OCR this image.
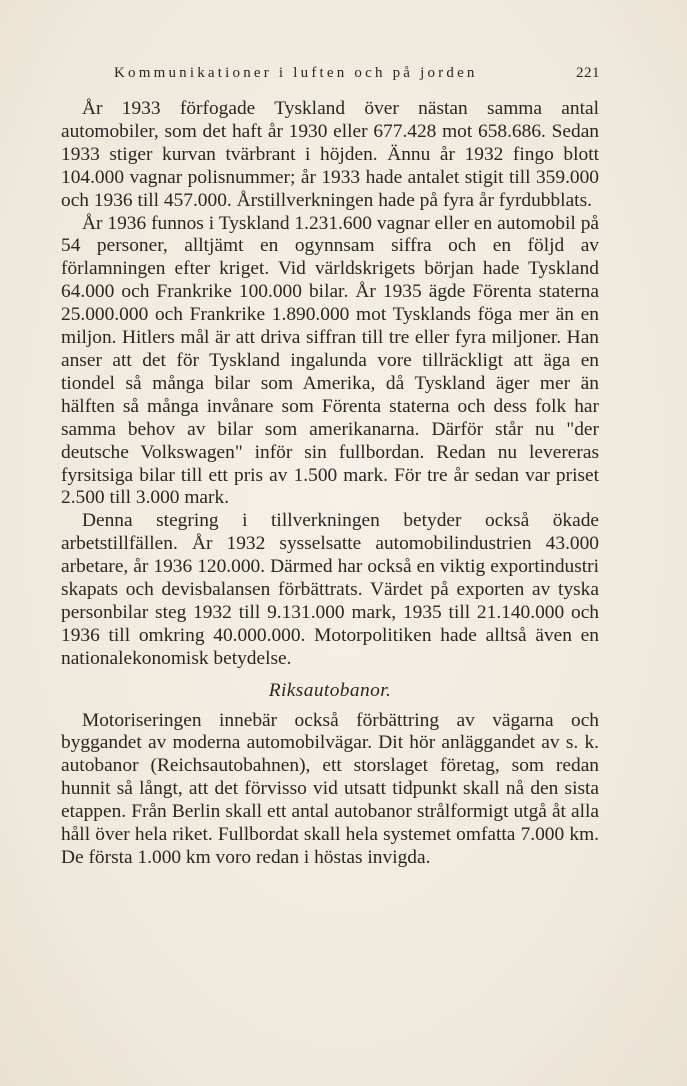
Kommunikationer i luften och på jorden	221

År 1933 förfogade Tyskland över nästan samma antal automobiler, som det haft år 1930 eller 677.428 mot 658.686. Sedan 1933 stiger kurvan tvärbrant i höjden. Ännu år 1932 fingo blott 104.000 vagnar polisnummer; år 1933 hade antalet stigit till 359.000 och 1936 till 457.000. Årstillverkningen hade på fyra år fyrdubblats.

År 1936 funnos i Tyskland 1.231.600 vagnar eller en automobil på 54 personer, alltjämt en ogynnsam siffra och en följd av förlamningen efter kriget. Vid världskrigets början hade Tyskland 64.000 och Frankrike 100.000 bilar. År 1935 ägde Förenta staterna 25.000.000 och Frankrike 1.890.000 mot Tysklands föga mer än en miljon. Hitlers mål är att driva siffran till tre eller fyra miljoner. Han anser att det för Tyskland ingalunda vore tillräckligt att äga en tiondel så många bilar som Amerika, då Tyskland äger mer än hälften så många invånare som Förenta staterna och dess folk har samma behov av bilar som amerikanarna. Därför står nu "der deutsche Volkswagen" inför sin fullbordan. Redan nu levereras fyrsitsiga bilar till ett pris av 1.500 mark. För tre år sedan var priset 2.500 till 3.000 mark.

Denna stegring i tillverkningen betyder också ökade arbetstillfällen. År 1932 sysselsatte automobilindustrien 43.000 arbetare, år 1936 120.000. Därmed har också en viktig exportindustri skapats och devisbalansen förbättrats. Värdet på exporten av tyska personbilar steg 1932 till 9.131.000 mark, 1935 till 21.140.000 och 1936 till omkring 40.000.000. Motorpolitiken hade alltså även en nationalekonomisk betydelse.

Riksautobanor.

Motoriseringen innebär också förbättring av vägarna och byggandet av moderna automobilvägar. Dit hör anläggandet av s. k. autobanor (Reichsautobahnen), ett storslaget företag, som redan hunnit så långt, att det förvisso vid utsatt tidpunkt skall nå den sista etappen. Från Berlin skall ett antal autobanor strålformigt utgå åt alla håll över hela riket. Fullbordat skall hela systemet omfatta 7.000 km. De första 1.000 km voro redan i höstas invigda.
